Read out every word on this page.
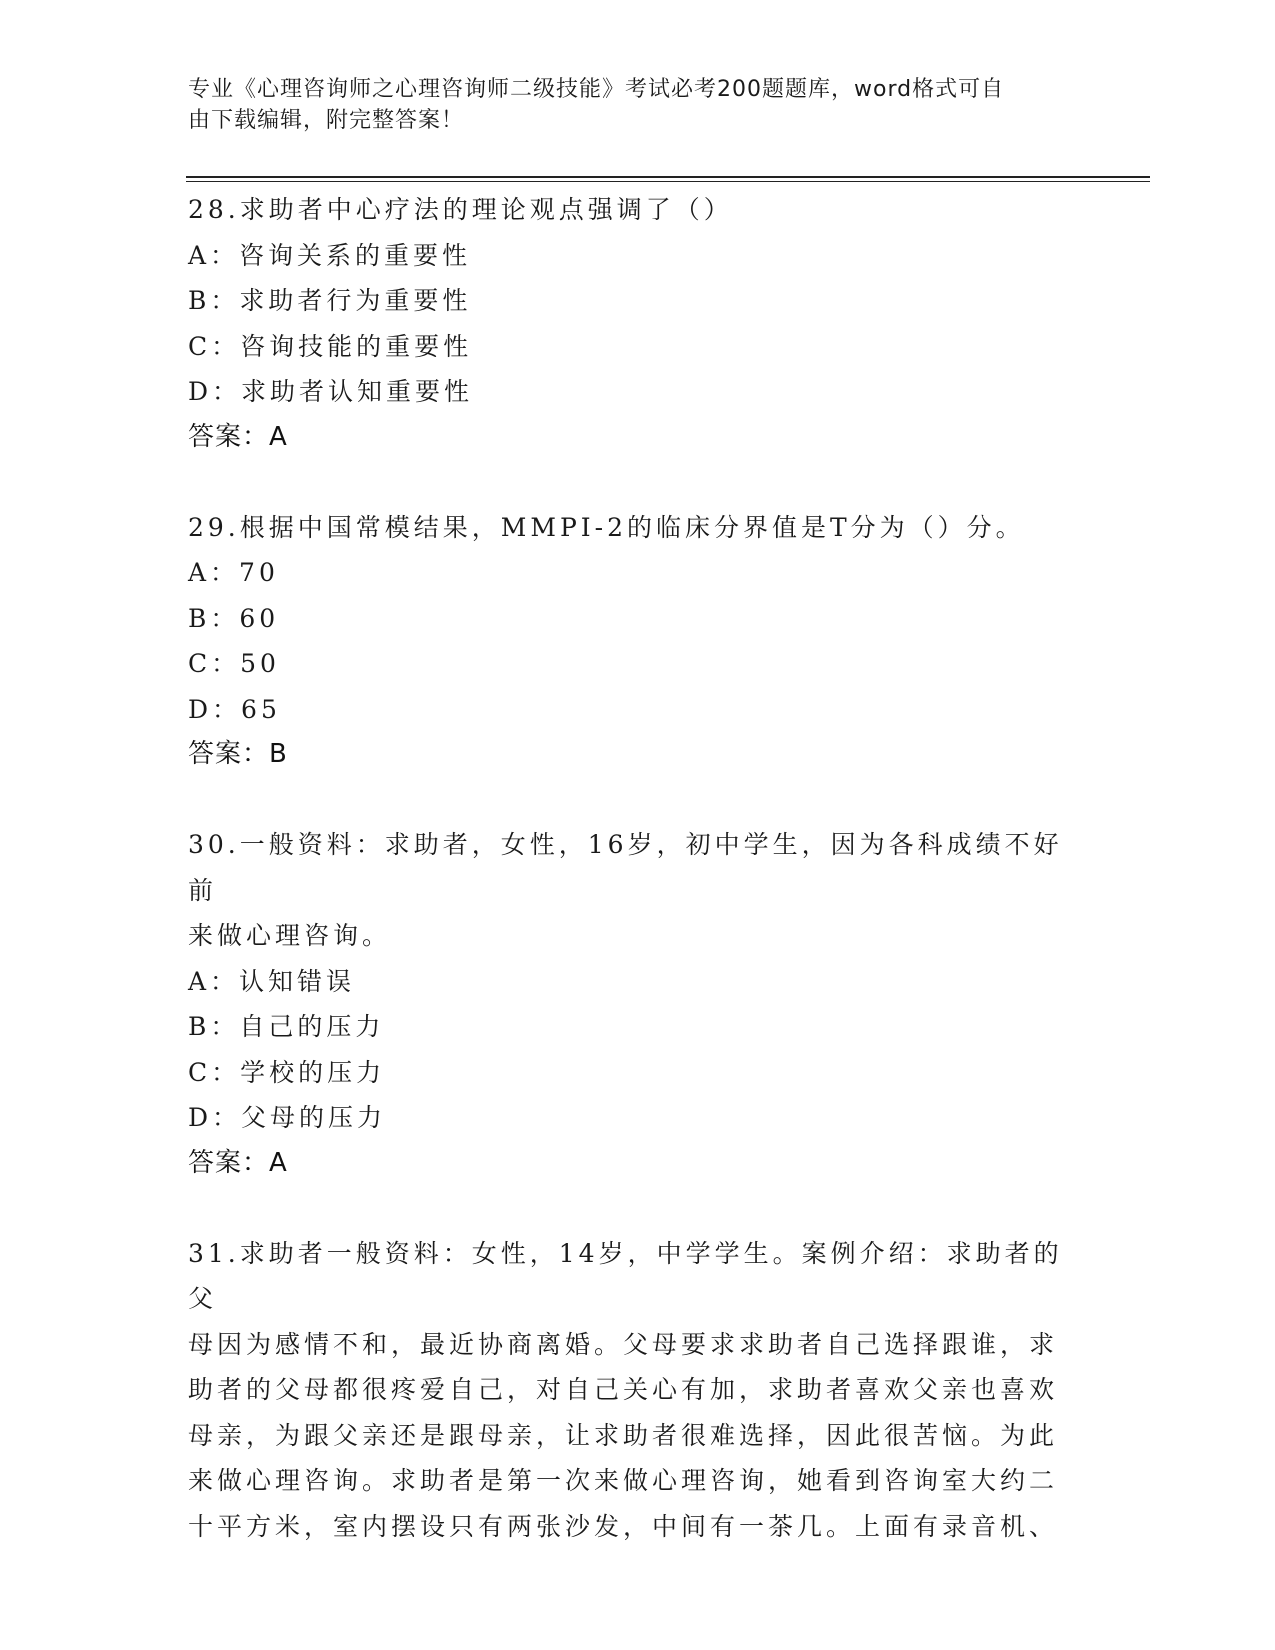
专业《心理咨询师之心理咨询师二级技能》考试必考200题题库，word格式可自
由下载编辑，附完整答案！
28.求助者中心疗法的理论观点强调了（）
A：咨询关系的重要性
B：求助者行为重要性
C：咨询技能的重要性
D：求助者认知重要性
答案：A
29.根据中国常模结果，MMPI-2的临床分界值是T分为（）分。
A：70
B：60
C：50
D：65
答案：B
30.一般资料：求助者，女性，16岁，初中学生，因为各科成绩不好前
来做心理咨询。
A：认知错误
B：自己的压力
C：学校的压力
D：父母的压力
答案：A
31.求助者一般资料：女性，14岁，中学学生。案例介绍：求助者的父
母因为感情不和，最近协商离婚。父母要求求助者自己选择跟谁，求
助者的父母都很疼爱自己，对自己关心有加，求助者喜欢父亲也喜欢
母亲，为跟父亲还是跟母亲，让求助者很难选择，因此很苦恼。为此
来做心理咨询。求助者是第一次来做心理咨询，她看到咨询室大约二
十平方米，室内摆设只有两张沙发，中间有一茶几。上面有录音机、
